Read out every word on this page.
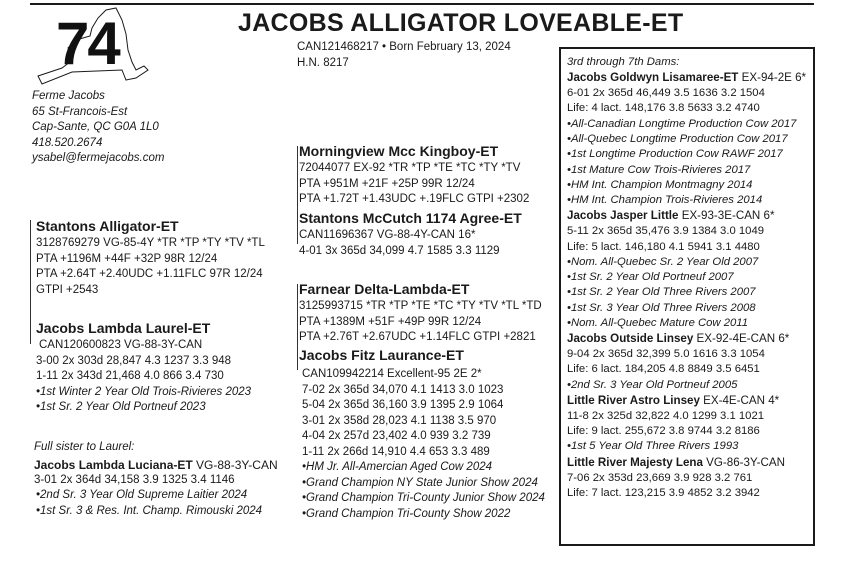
74	JACOBS ALLIGATOR LOVEABLE-ET
CAN121468217 • Born February 13, 2024
H.N. 8217
Ferme Jacobs
65 St-Francois-Est
Cap-Sante, QC G0A 1L0
418.520.2674
ysabel@fermejacobs.com
Stantons Alligator-ET
3128769279 VG-85-4Y *TR *TP *TY *TV *TL
PTA +1196M +44F +32P 98R 12/24
PTA +2.64T +2.40UDC +1.11FLC 97R 12/24
GTPI +2543
Jacobs Lambda Laurel-ET
CAN120600823 VG-88-3Y-CAN
3-00 2x 303d 28,847 4.3 1237 3.3 948
1-11 2x 343d 21,468 4.0 866 3.4 730
•1st Winter 2 Year Old Trois-Rivieres 2023
•1st Sr. 2 Year Old Portneuf 2023
Full sister to Laurel:
Jacobs Lambda Luciana-ET VG-88-3Y-CAN
3-01 2x 364d 34,158 3.9 1325 3.4 1146
•2nd Sr. 3 Year Old Supreme Laitier 2024
•1st Sr. 3 & Res. Int. Champ. Rimouski 2024
Morningview Mcc Kingboy-ET
72044077 EX-92 *TR *TP *TE *TC *TY *TV
PTA +951M +21F +25P 99R 12/24
PTA +1.72T +1.43UDC +.19FLC GTPI +2302
Stantons McCutch 1174 Agree-ET
CAN11696367 VG-88-4Y-CAN 16*
4-01 3x 365d 34,099 4.7 1585 3.3 1129
Farnear Delta-Lambda-ET
3125993715 *TR *TP *TE *TC *TY *TV *TL *TD
PTA +1389M +51F +49P 99R 12/24
PTA +2.76T +2.67UDC +1.14FLC GTPI +2821
Jacobs Fitz Laurance-ET
CAN109942214 Excellent-95 2E 2*
7-02 2x 365d 34,070 4.1 1413 3.0 1023
5-04 2x 365d 36,160 3.9 1395 2.9 1064
3-01 2x 358d 28,023 4.1 1138 3.5 970
4-04 2x 257d 23,402 4.0 939 3.2 739
1-11 2x 266d 14,910 4.4 653 3.3 489
•HM Jr. All-Amercian Aged Cow 2024
•Grand Champion NY State Junior Show 2024
•Grand Champion Tri-County Junior Show 2024
•Grand Champion Tri-County Show 2022
3rd through 7th Dams:
Jacobs Goldwyn Lisamaree-ET EX-94-2E 6*
6-01 2x 365d 46,449 3.5 1636 3.2 1504
Life: 4 lact. 148,176 3.8 5633 3.2 4740
•All-Canadian Longtime Production Cow 2017
•All-Quebec Longtime Production Cow 2017
•1st Longtime Production Cow RAWF 2017
•1st Mature Cow Trois-Rivieres 2017
•HM Int. Champion Montmagny 2014
•HM Int. Champion Trois-Rivieres 2014
Jacobs Jasper Little EX-93-3E-CAN 6*
5-11 2x 365d 35,476 3.9 1384 3.0 1049
Life: 5 lact. 146,180 4.1 5941 3.1 4480
•Nom. All-Quebec Sr. 2 Year Old 2007
•1st Sr. 2 Year Old Portneuf 2007
•1st Sr. 2 Year Old Three Rivers 2007
•1st Sr. 3 Year Old Three Rivers 2008
•Nom. All-Quebec Mature Cow 2011
Jacobs Outside Linsey EX-92-4E-CAN 6*
9-04 2x 365d 32,399 5.0 1616 3.3 1054
Life: 6 lact. 184,205 4.8 8849 3.5 6451
•2nd Sr. 3 Year Old Portneuf 2005
Little River Astro Linsey EX-4E-CAN 4*
11-8 2x 325d 32,822 4.0 1299 3.1 1021
Life: 9 lact. 255,672 3.8 9744 3.2 8186
•1st 5 Year Old Three Rivers 1993
Little River Majesty Lena VG-86-3Y-CAN
7-06 2x 353d 23,669 3.9 928 3.2 761
Life: 7 lact. 123,215 3.9 4852 3.2 3942
